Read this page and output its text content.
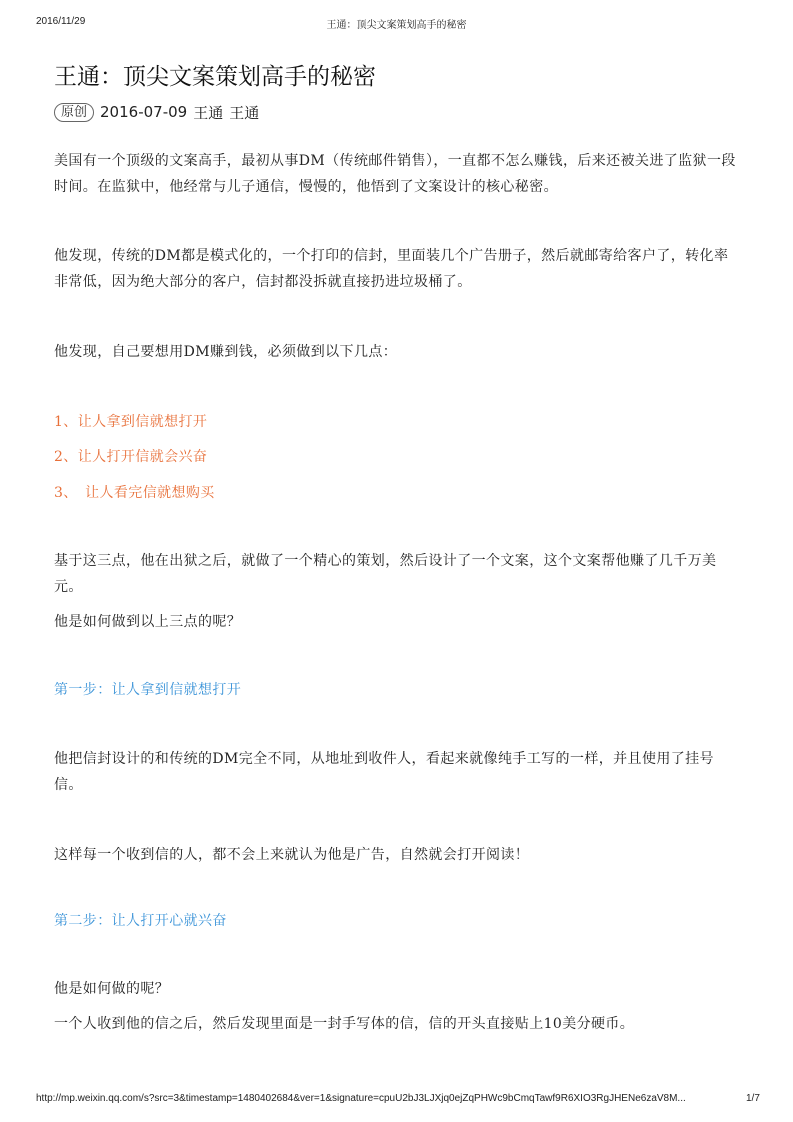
2016/11/29	王通：顶尖文案策划高手的秘密
王通：顶尖文案策划高手的秘密
原创 2016-07-09 王通 王通

美国有一个顶级的文案高手，最初从事DM（传统邮件销售），一直都不怎么赚钱，后来还被关进了监狱一段时间。在监狱中，他经常与儿子通信，慢慢的，他悟到了文案设计的核心秘密。

他发现，传统的DM都是模式化的，一个打印的信封，里面装几个广告册子，然后就邮寄给客户了，转化率非常低，因为绝大部分的客户，信封都没拆就直接扔进垃圾桶了。

他发现，自己要想用DM赚到钱，必须做到以下几点：

1、让人拿到信就想打开

2、让人打开信就会兴奋

3、　让人看完信就想购买

基于这三点，他在出狱之后，就做了一个精心的策划，然后设计了一个文案，这个文案帮他赚了几千万美元。

他是如何做到以上三点的呢？

第一步：让人拿到信就想打开

他把信封设计的和传统的DM完全不同，从地址到收件人，看起来就像纯手工写的一样，并且使用了挂号信。

这样每一个收到信的人，都不会上来就认为他是广告，自然就会打开阅读！

第二步：让人打开心就兴奋

他是如何做的呢？

一个人收到他的信之后，然后发现里面是一封手写体的信，信的开头直接贴上10美分硬币。

http://mp.weixin.qq.com/s?src=3&timestamp=1480402684&ver=1&signature=cpuU2bJ3LJXjq0ejZqPHWc9bCmqTawf9R6XIO3RgJHENe6zaV8M...	1/7
